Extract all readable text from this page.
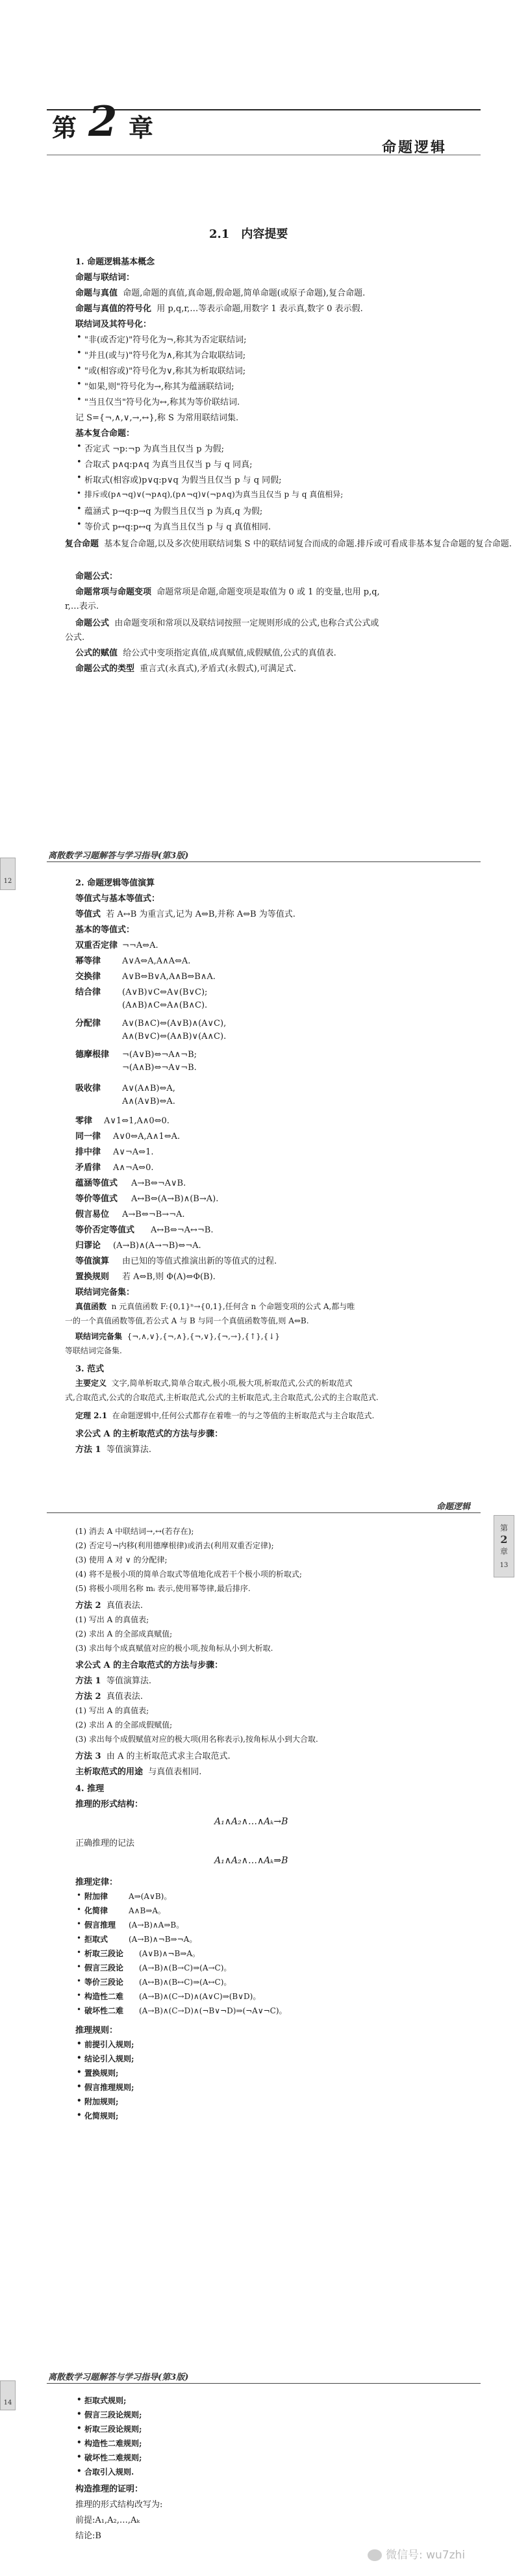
第 2 章
命题逻辑
2.1　内容提要
1. 命题逻辑基本概念
命题与联结词：
命题与真值 命题,命题的真值,真命题,假命题,简单命题(或原子命题),复合命题.
命题与真值的符号化 用 p,q,r,…等表示命题,用数字 1 表示真,数字 0 表示假.
联结词及其符号化：
• "非(或否定)"符号化为¬,称其为否定联结词;
• "并且(或与)"符号化为∧,称其为合取联结词;
• "或(相容或)"符号化为∨,称其为析取联结词;
• "如果,则"符号化为→,称其为蕴涵联结词;
• "当且仅当"符号化为↔,称其为等价联结词.
记 S={¬,∧,∨,→,↔},称 S 为常用联结词集.
基本复合命题：
• 否定式 ¬p:¬p 为真当且仅当 p 为假;
• 合取式 p∧q:p∧q 为真当且仅当 p 与 q 同真;
• 析取式(相容或)p∨q:p∨q 为假当且仅当 p 与 q 同假;
• 排斥或(p∧¬q)∨(¬p∧q),(p∧¬q)∨(¬p∧q)为真当且仅当 p 与 q 真值相异;
• 蕴涵式 p→q:p→q 为假当且仅当 p 为真,q 为假;
• 等价式 p↔q:p↔q 为真当且仅当 p 与 q 真值相同.
复合命题 基本复合命题,以及多次使用联结词集 S 中的联结词复合而成的命题.排斥或可看成非基本复合命题的复合命题.
命题公式：
命题常项与命题变项 命题常项是命题,命题变项是取值为 0 或 1 的变量,也用 p,q,
r,…表示.
命题公式 由命题变项和常项以及联结词按照一定规则形成的公式,也称合式公式或
公式.
公式的赋值 给公式中变项指定真值,成真赋值,成假赋值,公式的真值表.
命题公式的类型 重言式(永真式),矛盾式(永假式),可满足式.
离散数学习题解答与学习指导(第3版)
12	2. 命题逻辑等值演算
等值式与基本等值式：
等值式 若 A↔B 为重言式,记为 A⇔B,并称 A⇔B 为等值式.
基本的等值式：
双重否定律 ¬¬A⇔A.
幂等律	A∨A⇔A,A∧A⇔A.
交换律	A∨B⇔B∨A,A∧B⇔B∧A.
结合律	(A∨B)∨C⇔A∨(B∨C);
(A∧B)∧C⇔A∧(B∧C).
分配律	A∨(B∧C)⇔(A∨B)∧(A∨C),
A∧(B∨C)⇔(A∧B)∨(A∧C).
德摩根律 ¬(A∨B)⇔¬A∧¬B;
¬(A∧B)⇔¬A∨¬B.
吸收律	A∨(A∧B)⇔A,
A∧(A∨B)⇔A.
零律 A∨1⇔1,A∧0⇔0.
同一律 A∨0⇔A,A∧1⇔A.
排中律 A∨¬A⇔1.
矛盾律 A∧¬A⇔0.
蕴涵等值式 A→B⇔¬A∨B.
等价等值式 A↔B⇔(A→B)∧(B→A).
假言易位 A→B⇔¬B→¬A.
等价否定等值式 A↔B⇔¬A↔¬B.
归谬论 (A→B)∧(A→¬B)⇔¬A.
等值演算 由已知的等值式推演出新的等值式的过程.
置换规则 若 A⇔B,则 Φ(A)⇔Φ(B).
联结词完备集：
真值函数 n 元真值函数 F:{0,1}ⁿ→{0,1},任何含 n 个命题变项的公式 A,都与唯
一的一个真值函数等值,若公式 A 与 B 与同一个真值函数等值,则 A⇔B.
联结词完备集 {¬,∧,∨},{¬,∧},{¬,∨},{¬,→},{↑},{↓}
等联结词完备集.
3. 范式
主要定义 文字,简单析取式,简单合取式,极小项,极大项,析取范式,公式的析取范式
式,合取范式,公式的合取范式,主析取范式,公式的主析取范式,主合取范式,公式的主合取范式.
定理 2.1 在命题逻辑中,任何公式都存在着唯一的与之等值的主析取范式与主合取范式.
求公式 A 的主析取范式的方法与步骤：
方法 1 等值演算法.
命题逻辑
第
2
章
13
(1) 消去 A 中联结词→,↔(若存在);
(2) 否定号¬内移(利用德摩根律)或消去(利用双重否定律);
(3) 使用 A 对 ∨ 的分配律;
(4) 将不是极小项的简单合取式等值地化成若干个极小项的析取式;
(5) 将极小项用名称 mᵢ 表示,使用幂等律,最后排序.
方法 2 真值表法.
(1) 写出 A 的真值表;
(2) 求出 A 的全部成真赋值;
(3) 求出每个成真赋值对应的极小项,按角标从小到大析取.
求公式 A 的主合取范式的方法与步骤：
方法 1 等值演算法.
方法 2 真值表法.
(1) 写出 A 的真值表;
(2) 求出 A 的全部成假赋值;
(3) 求出每个成假赋值对应的极大项(用名称表示),按角标从小到大合取.
方法 3 由 A 的主析取范式求主合取范式.
主析取范式的用途 与真值表相同.
4. 推理
推理的形式结构：
A₁∧A₂∧…∧Aₖ→B
正确推理的记法
A₁∧A₂∧…∧Aₖ⇒B
推理定律：
• 附加律	A⇒(A∨B)。
• 化简律	A∧B⇒A。
• 假言推理 (A→B)∧A⇒B。
• 拒取式	(A→B)∧¬B⇒¬A。
• 析取三段论 (A∨B)∧¬B⇒A。
• 假言三段论 (A→B)∧(B→C)⇒(A→C)。
• 等价三段论 (A↔B)∧(B↔C)⇒(A↔C)。
• 构造性二难 (A→B)∧(C→D)∧(A∨C)⇒(B∨D)。
• 破坏性二难 (A→B)∧(C→D)∧(¬B∨¬D)⇒(¬A∨¬C)。
推理规则：
• 前提引入规则;
• 结论引入规则;
• 置换规则;
• 假言推理规则;
• 附加规则;
• 化简规则;
离散数学习题解答与学习指导(第3版)
14	• 拒取式规则;
• 假言三段论规则;
• 析取三段论规则;
• 构造性二难规则;
• 破坏性二难规则;
• 合取引入规则.
构造推理的证明：
推理的形式结构改写为:
前提:A₁,A₂,…,Aₖ
结论:B
微信号: wu7zhi
